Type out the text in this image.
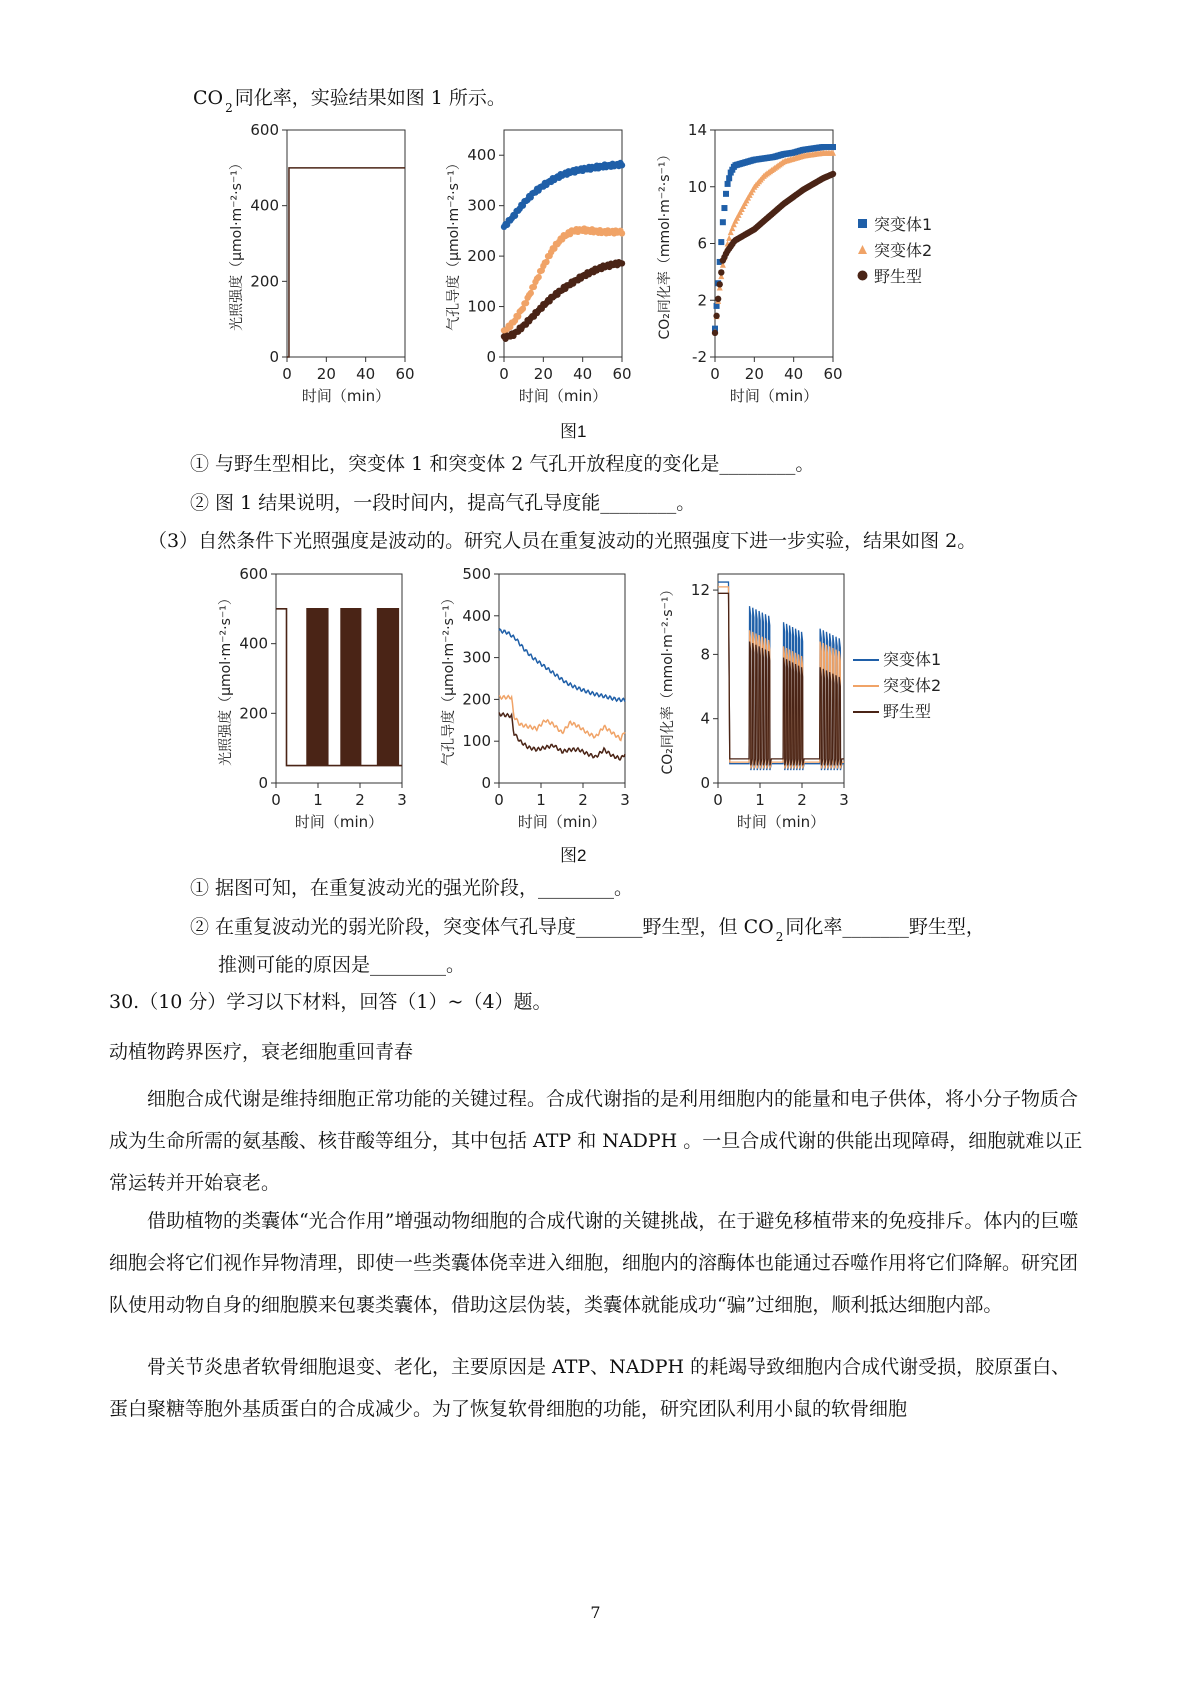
CO $_2$ 同化率，实验结果如图 1 所示。
0 20 40 60
0
200
400
600
时间（min）
光照强度（μmol·m⁻²·s⁻¹）
0 20 40 60
0
100
200
300
400
时间（min）
气孔导度（μmol·m⁻²·s⁻¹）
0 20 40 60
-2
2
6
10
14
时间（min）
CO₂同化率（mmol·m⁻²·s⁻¹）	突变体1
突变体2
野生型
图1
① 与野生型相比，突变体 1 和突变体 2 气孔开放程度的变化是________。
② 图 1 结果说明，一段时间内，提高气孔导度能________。
（3）自然条件下光照强度是波动的。研究人员在重复波动的光照强度下进一步实验，结果如图 2。
0 1 2 3
0
200
400
600
时间（min）
光照强度（μmol·m⁻²·s⁻¹）
0 1 2 3
0
100
200
300
400
500
时间（min）
气孔导度（μmol·m⁻²·s⁻¹）
0 1 2 3
0
4
8
12
时间（min）
CO₂同化率（mmol·m⁻²·s⁻¹）	突变体1
突变体2
野生型
图2
① 据图可知，在重复波动光的强光阶段，________。
② 在重复波动光的弱光阶段，突变体气孔导度_______野生型，但 CO $_2$ 同化率_______野生型，
推测可能的原因是________。
30.（10 分）学习以下材料，回答（1）~（4）题。
动植物跨界医疗，衰老细胞重回青春
细胞合成代谢是维持细胞正常功能的关键过程。合成代谢指的是利用细胞内的能量和电子供体，将小分子物质合成为生命所需的氨基酸、核苷酸等组分，其中包括 ATP 和 NADPH 。一旦合成代谢的供能出现障碍，细胞就难以正常运转并开始衰老。
借助植物的类囊体“光合作用”增强动物细胞的合成代谢的关键挑战，在于避免移植带来的免疫排斥。体内的巨噬细胞会将它们视作异物清理，即使一些类囊体侥幸进入细胞，细胞内的溶酶体也能通过吞噬作用将它们降解。研究团队使用动物自身的细胞膜来包裹类囊体，借助这层伪装，类囊体就能成功“骗”过细胞，顺利抵达细胞内部。
骨关节炎患者软骨细胞退变、老化，主要原因是 ATP、NADPH 的耗竭导致细胞内合成代谢受损，胶原蛋白、蛋白聚糖等胞外基质蛋白的合成减少。为了恢复软骨细胞的功能，研究团队利用小鼠的软骨细胞
7
